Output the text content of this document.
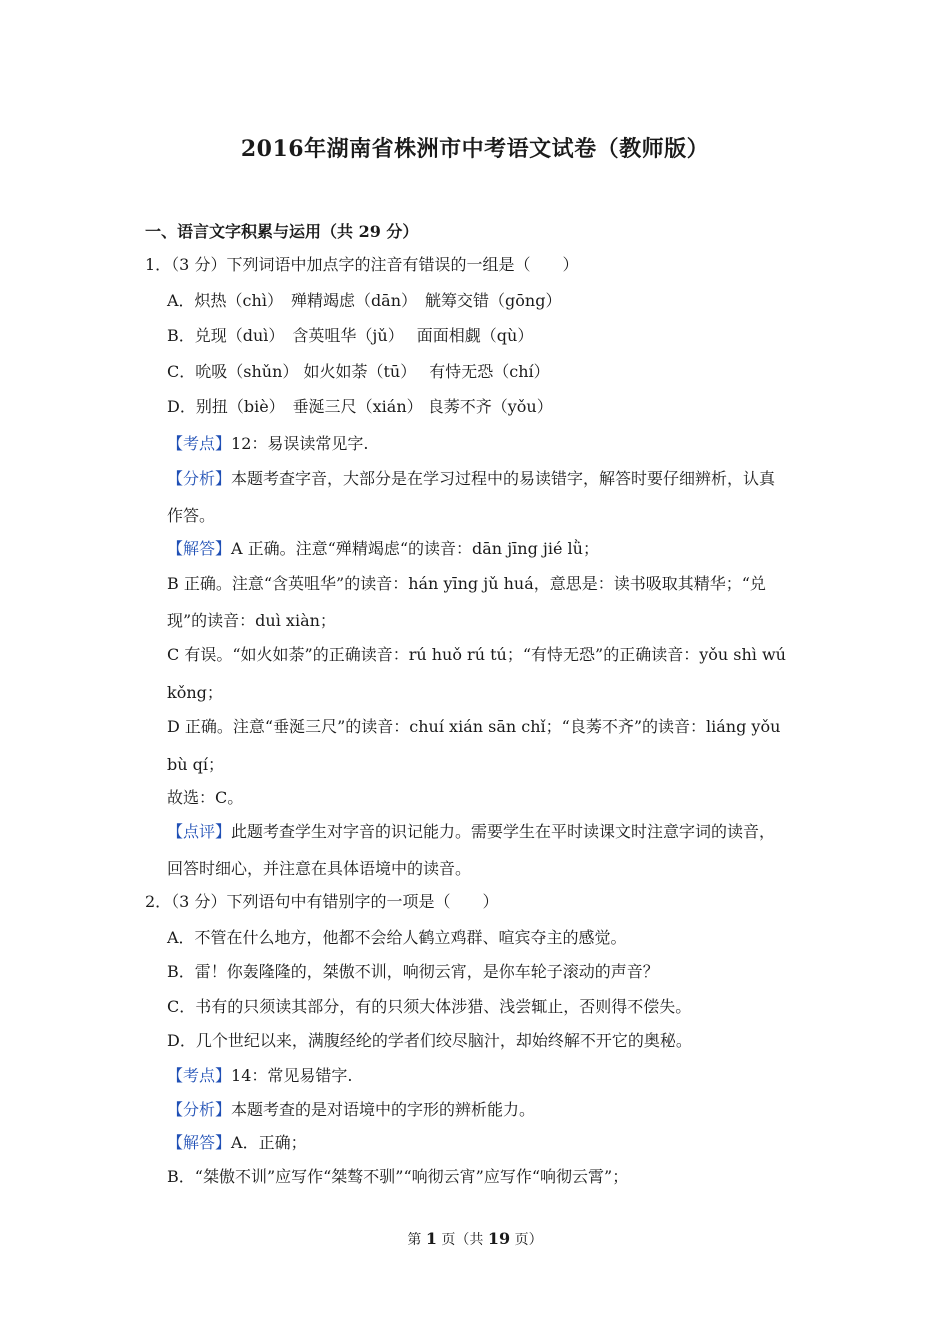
2016年湖南省株洲市中考语文试卷（教师版）
一、语言文字积累与运用（共 29 分）
1．（3 分）下列词语中加点字的注音有错误的一组是（　　）
A．炽热（chì）　殚精竭虑（dān）　觥筹交错（gōng）
B．兑现（duì）　含英咀华（jǔ）　 面面相觑（qù）
C．吮吸（shǔn） 如火如荼（tū）　 有恃无恐（chí）
D．别扭（biè）　垂涎三尺（xián） 良莠不齐（yǒu）
【考点】12：易误读常见字.
【分析】本题考查字音，大部分是在学习过程中的易读错字，解答时要仔细辨析，认真
作答。
【解答】A 正确。注意“殚精竭虑“的读音：dān jīng jié lǜ；
B 正确。注意“含英咀华”的读音：hán yīng jǔ huá，意思是：读书吸取其精华；“兑
现”的读音：duì xiàn；
C 有误。“如火如荼”的正确读音：rú huǒ rú tú；“有恃无恐”的正确读音：yǒu shì wú
kǒng；
D 正确。注意“垂涎三尺”的读音：chuí xián sān chǐ；“良莠不齐”的读音：liáng yǒu
bù qí；
故选：C。
【点评】此题考查学生对字音的识记能力。需要学生在平时读课文时注意字词的读音，
回答时细心，并注意在具体语境中的读音。
2．（3 分）下列语句中有错别字的一项是（　　）
A．不管在什么地方，他都不会给人鹤立鸡群、喧宾夺主的感觉。
B．雷！你轰隆隆的，桀傲不训，响彻云宵，是你车轮子滚动的声音？
C．书有的只须读其部分，有的只须大体涉猎、浅尝辄止，否则得不偿失。
D．几个世纪以来，满腹经纶的学者们绞尽脑汁，却始终解不开它的奥秘。
【考点】14：常见易错字.
【分析】本题考查的是对语境中的字形的辨析能力。
【解答】A．正确；
B．“桀傲不训”应写作“桀骜不驯”“响彻云宵”应写作“响彻云霄”；
第 1 页（共 19 页）
